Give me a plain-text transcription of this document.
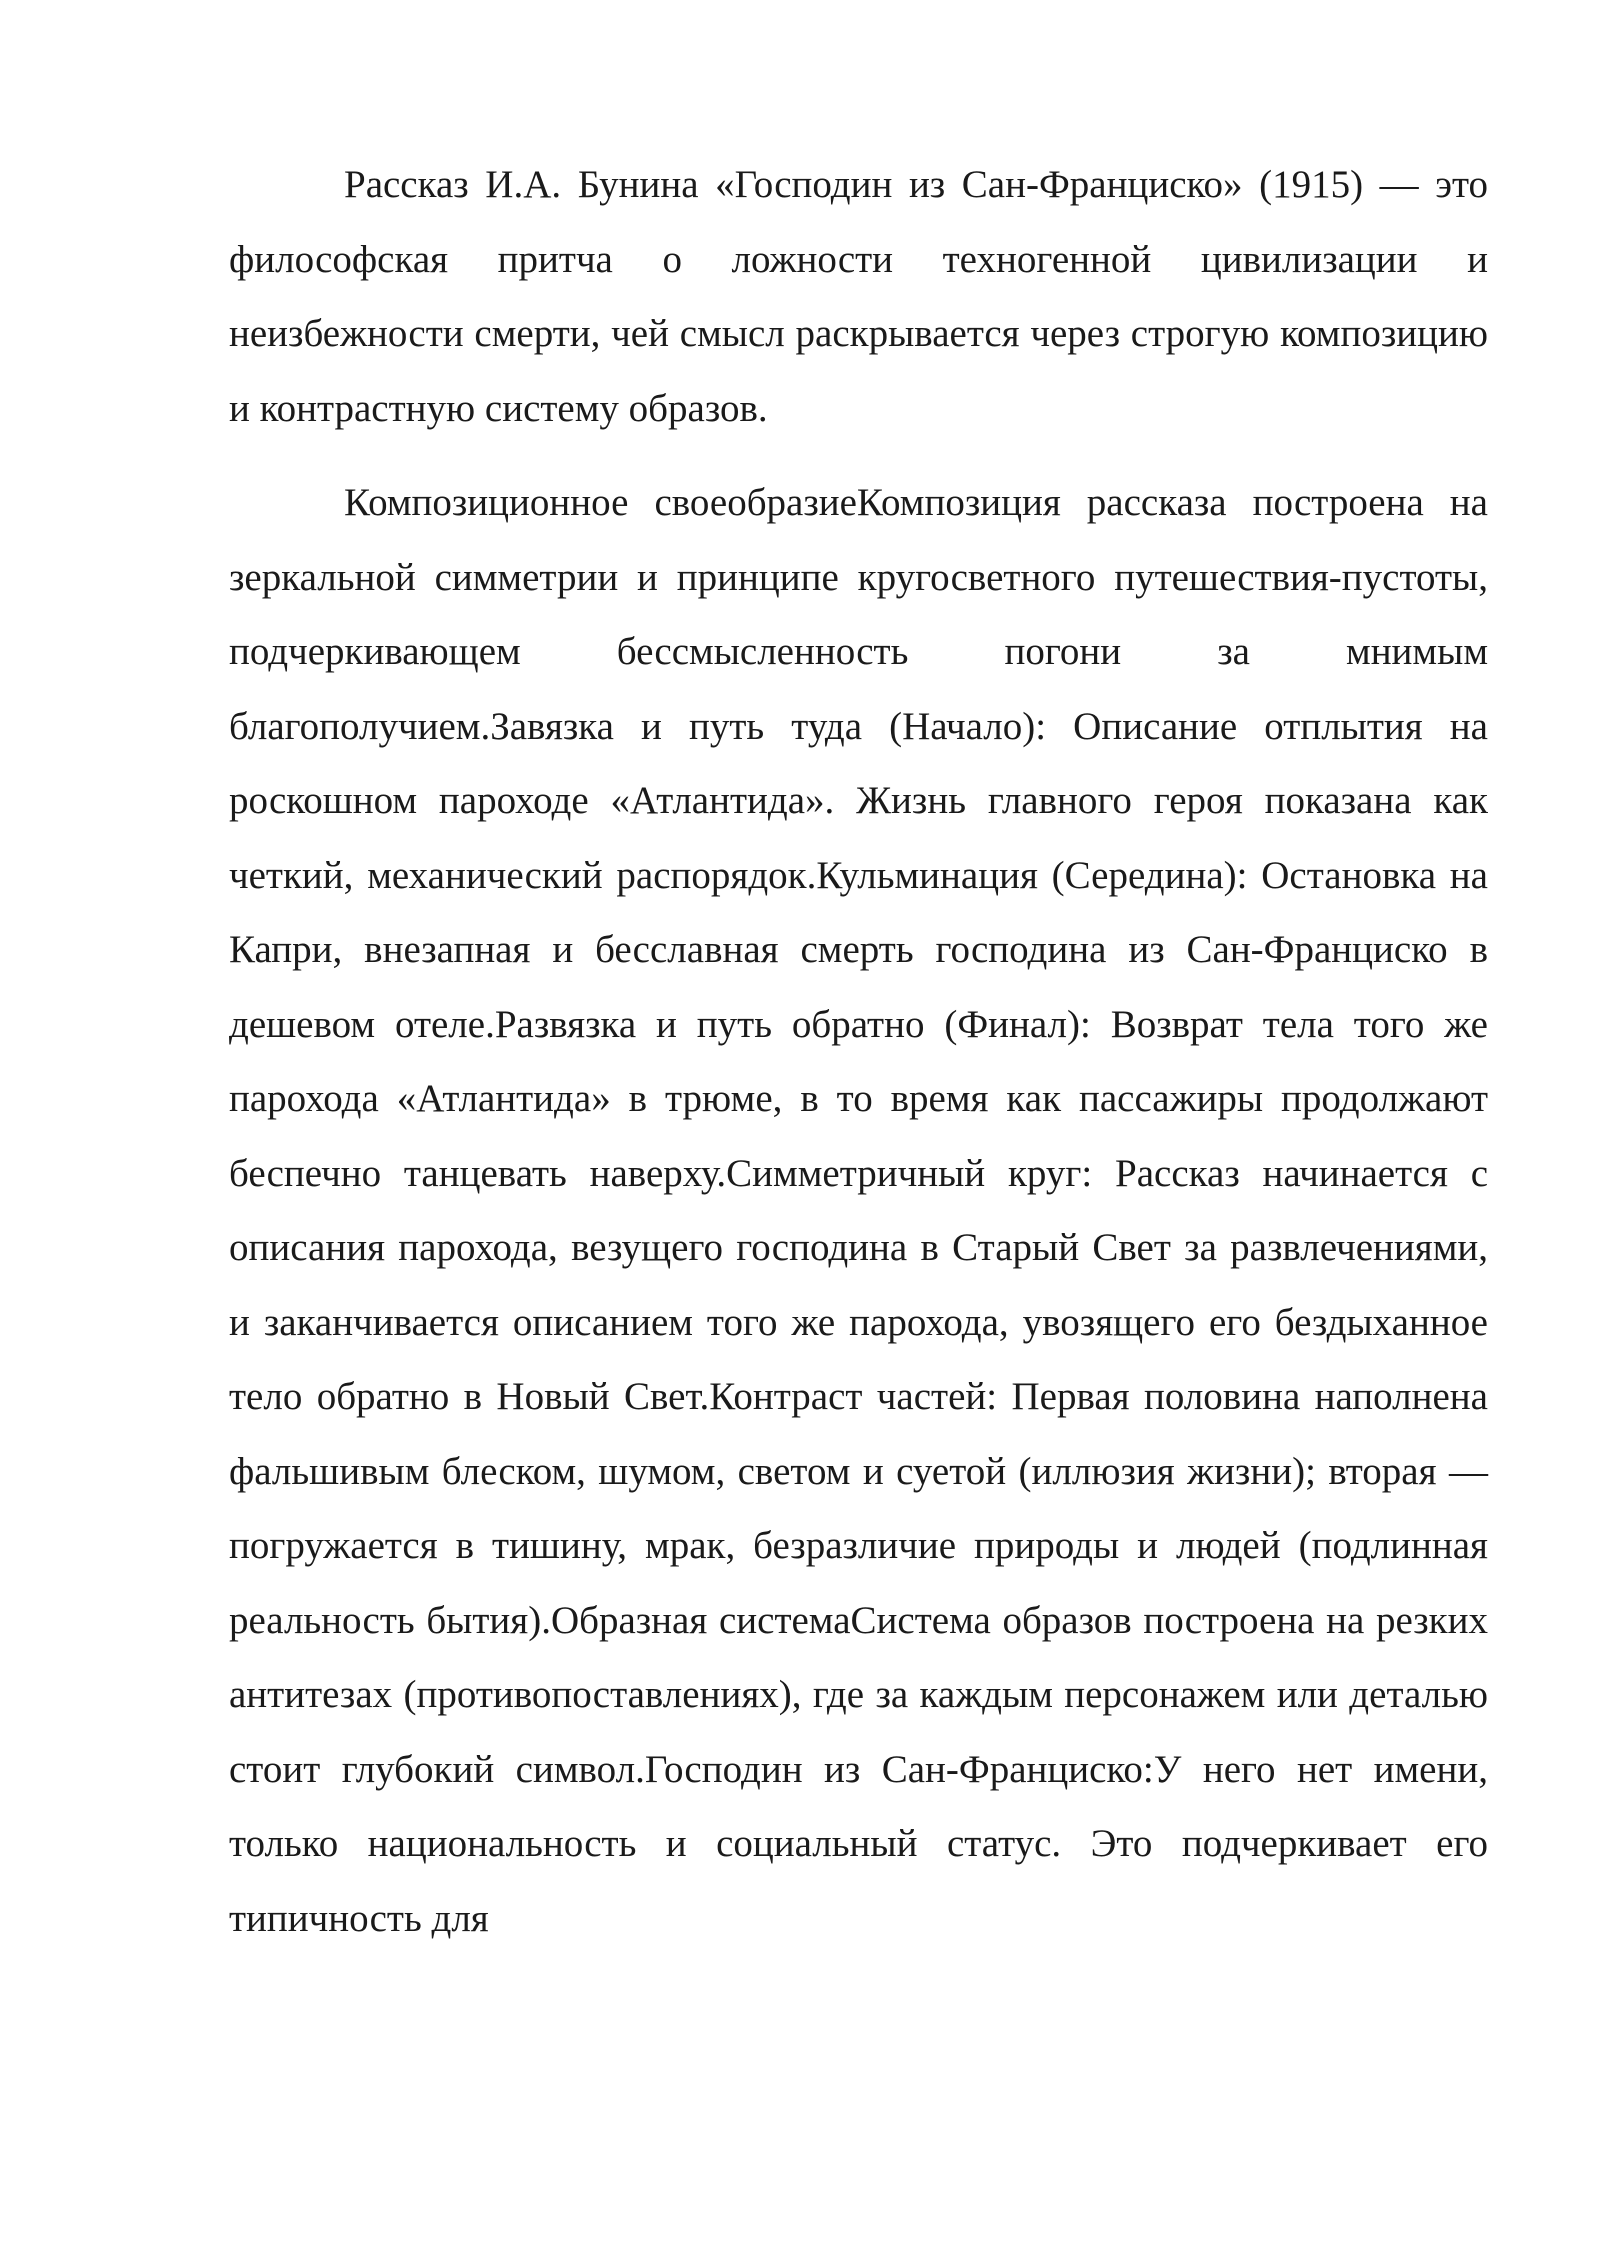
Рассказ И.А. Бунина «Господин из Сан-Франциско» (1915) — это философская притча о ложности техногенной цивилизации и неизбежности смерти, чей смысл раскрывается через строгую композицию и контрастную систему образов.

Композиционное своеобразиеКомпозиция рассказа построена на зеркальной симметрии и принципе кругосветного путешествия-пустоты, подчеркивающем бессмысленность погони за мнимым благополучием.Завязка и путь туда (Начало): Описание отплытия на роскошном пароходе «Атлантида». Жизнь главного героя показана как четкий, механический распорядок.Кульминация (Середина): Остановка на Капри, внезапная и бесславная смерть господина из Сан-Франциско в дешевом отеле.Развязка и путь обратно (Финал): Возврат тела того же парохода «Атлантида» в трюме, в то время как пассажиры продолжают беспечно танцевать наверху.Симметричный круг: Рассказ начинается с описания парохода, везущего господина в Старый Свет за развлечениями, и заканчивается описанием того же парохода, увозящего его бездыханное тело обратно в Новый Свет.Контраст частей: Первая половина наполнена фальшивым блеском, шумом, светом и суетой (иллюзия жизни); вторая — погружается в тишину, мрак, безразличие природы и людей (подлинная реальность бытия).Образная системаСистема образов построена на резких антитезах (противопоставлениях), где за каждым персонажем или деталью стоит глубокий символ.Господин из Сан-Франциско:У него нет имени, только национальность и социальный статус. Это подчеркивает его типичность для
